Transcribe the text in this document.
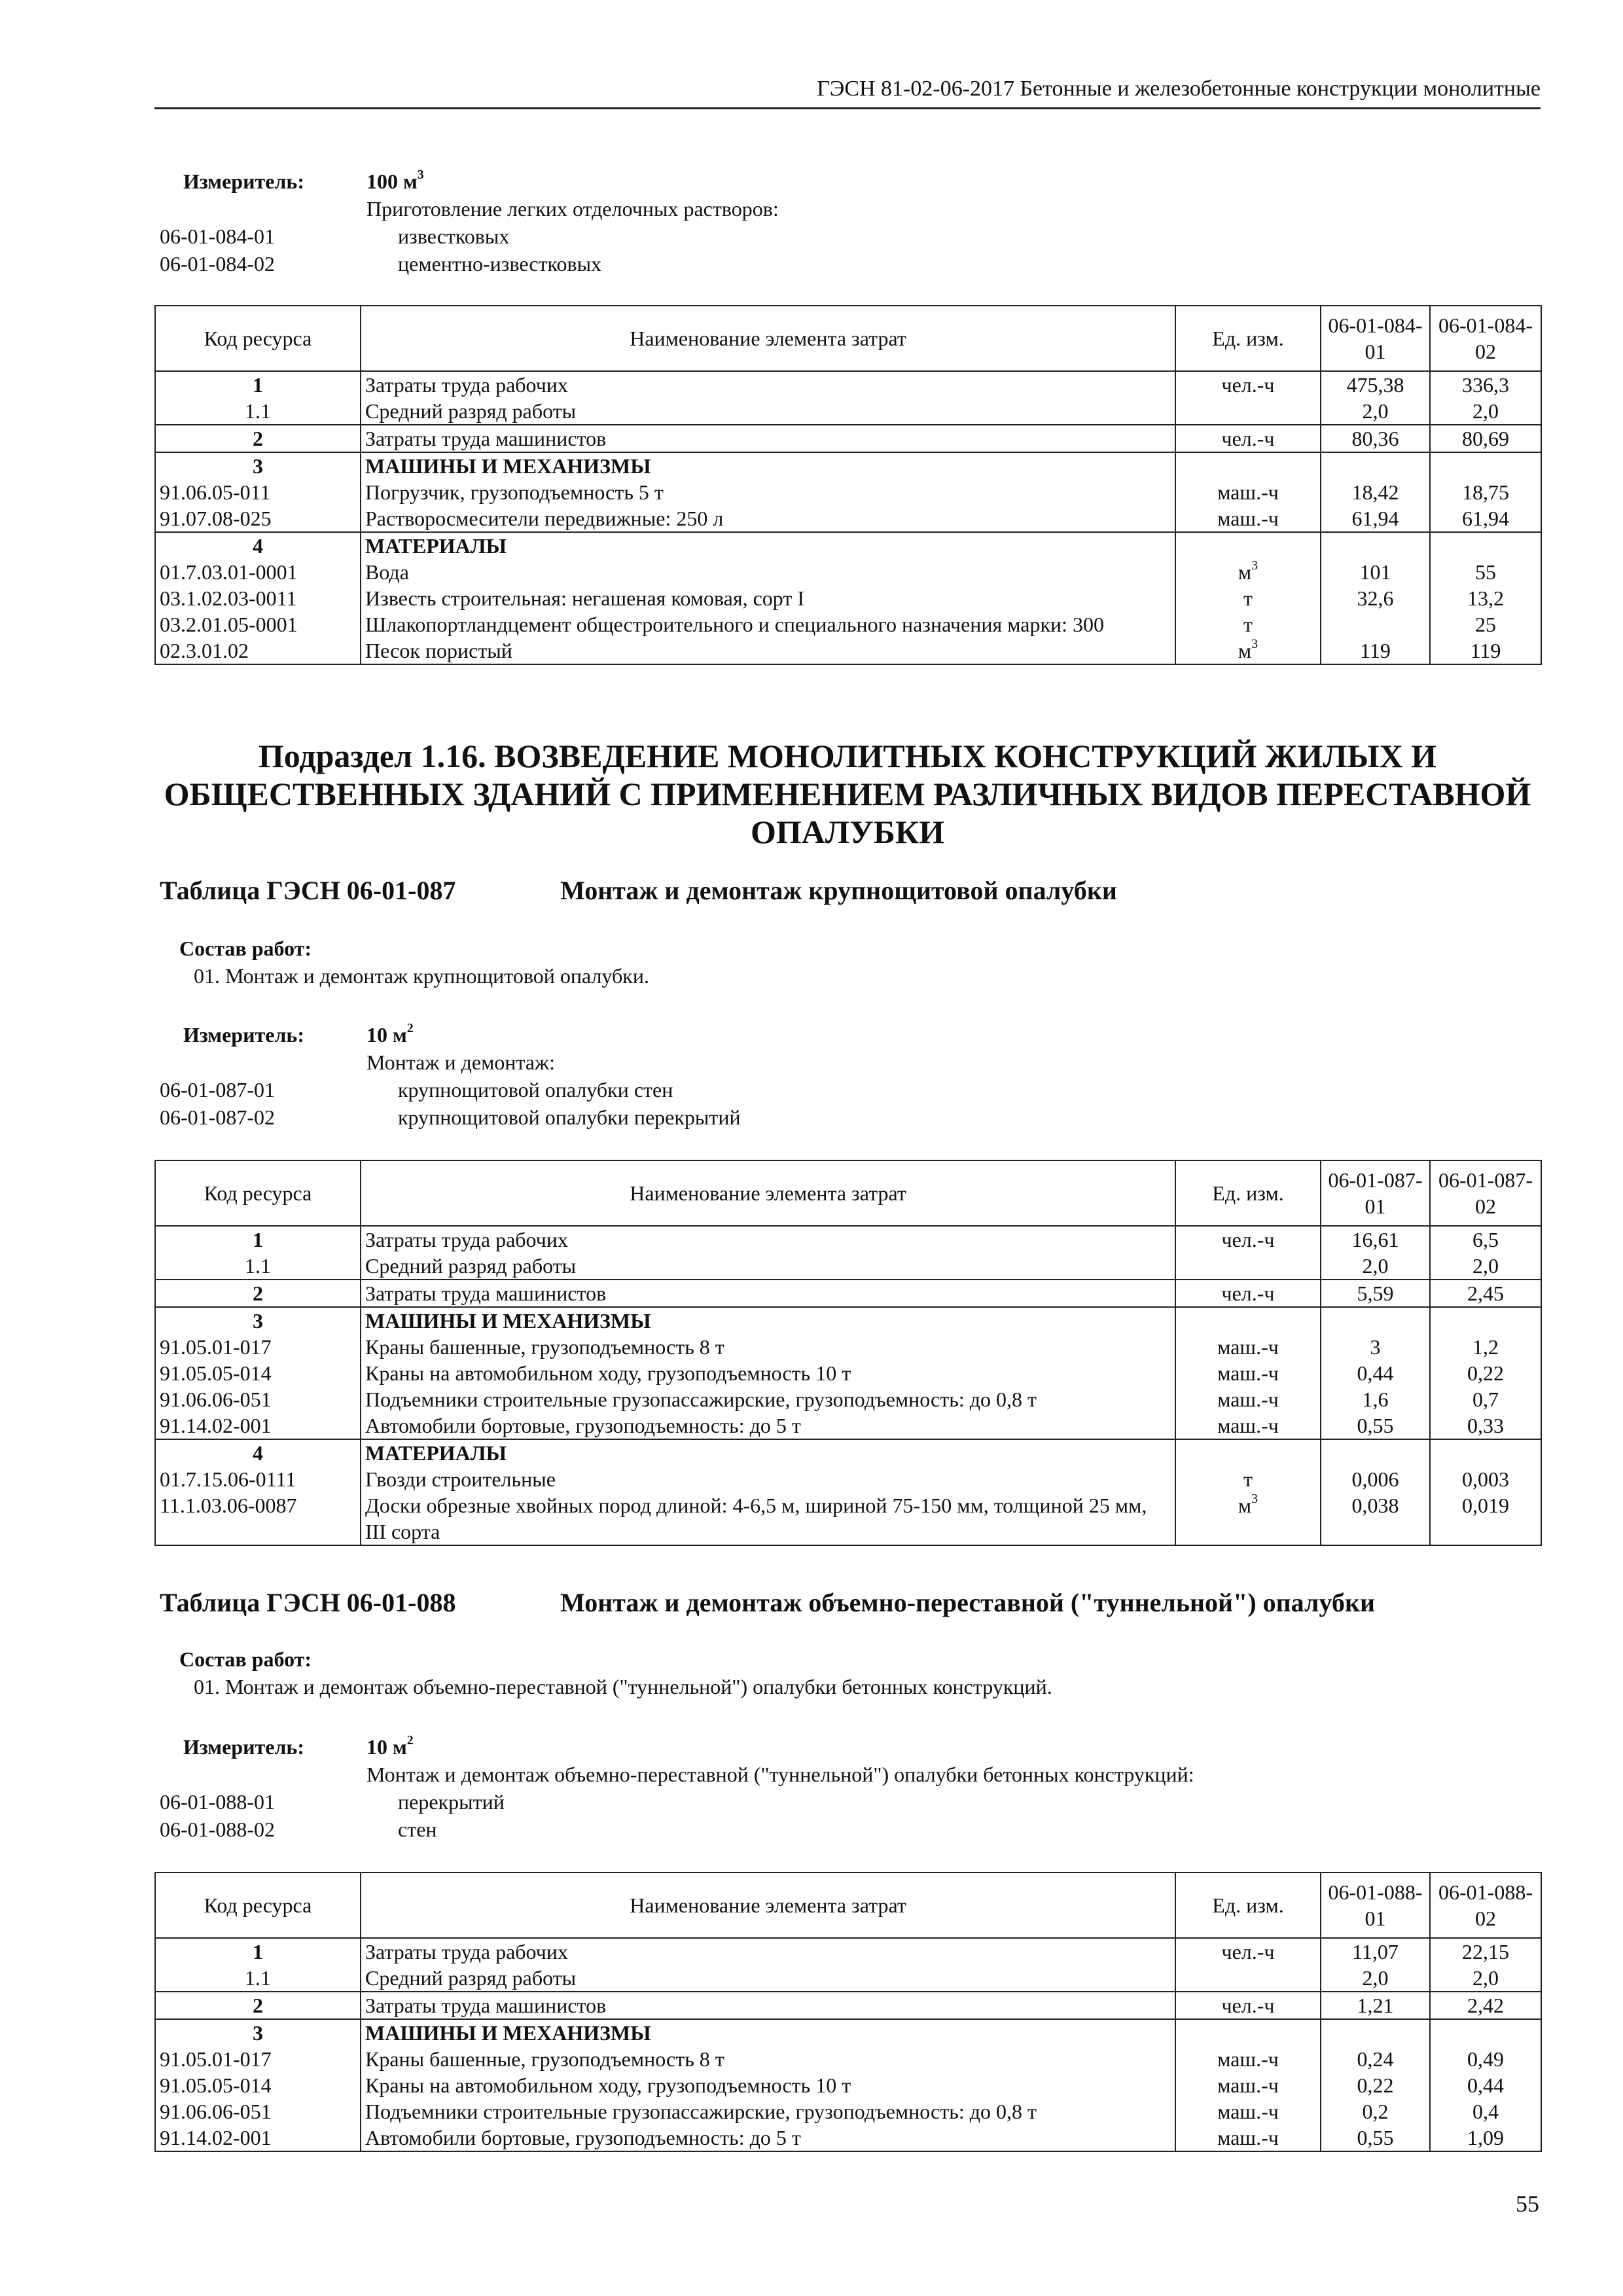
ГЭСН 81-02-06-2017 Бетонные и железобетонные конструкции монолитные
Измеритель:	100 $м^3$
Приготовление легких отделочных растворов:
06-01-084-01	известковых
06-01-084-02	цементно-известковых
Код ресурса	Наименование элемента затрат	Ед. изм.	06-01-084-01	06-01-084-02
1	Затраты труда рабочих	чел.-ч	475,38	336,3
1.1	Средний разряд работы		2,0	2,0
2	Затраты труда машинистов	чел.-ч	80,36	80,69
3	МАШИНЫ И МЕХАНИЗМЫ			
91.06.05-011	Погрузчик, грузоподъемность 5 т	маш.-ч	18,42	18,75
91.07.08-025	Растворосмесители передвижные: 250 л	маш.-ч	61,94	61,94
4	МАТЕРИАЛЫ			
01.7.03.01-0001	Вода	$м^3$	101	55
03.1.02.03-0011	Известь строительная: негашеная комовая, сорт I	т	32,6	13,2
03.2.01.05-0001	Шлакопортландцемент общестроительного и специального назначения марки: 300	т		25
02.3.01.02	Песок пористый	$м^3$	119	119
Подраздел 1.16. ВОЗВЕДЕНИЕ МОНОЛИТНЫХ КОНСТРУКЦИЙ ЖИЛЫХ И ОБЩЕСТВЕННЫХ ЗДАНИЙ С ПРИМЕНЕНИЕМ РАЗЛИЧНЫХ ВИДОВ ПЕРЕСТАВНОЙ ОПАЛУБКИ
Таблица ГЭСН 06-01-087	Монтаж и демонтаж крупнощитовой опалубки
Состав работ:
01. Монтаж и демонтаж крупнощитовой опалубки.
Измеритель:	10 $м^2$
Монтаж и демонтаж:
06-01-087-01	крупнощитовой опалубки стен
06-01-087-02	крупнощитовой опалубки перекрытий
Код ресурса	Наименование элемента затрат	Ед. изм.	06-01-087-01	06-01-087-02
1	Затраты труда рабочих	чел.-ч	16,61	6,5
1.1	Средний разряд работы		2,0	2,0
2	Затраты труда машинистов	чел.-ч	5,59	2,45
3	МАШИНЫ И МЕХАНИЗМЫ			
91.05.01-017	Краны башенные, грузоподъемность 8 т	маш.-ч	3	1,2
91.05.05-014	Краны на автомобильном ходу, грузоподъемность 10 т	маш.-ч	0,44	0,22
91.06.06-051	Подъемники строительные грузопассажирские, грузоподъемность: до 0,8 т	маш.-ч	1,6	0,7
91.14.02-001	Автомобили бортовые, грузоподъемность: до 5 т	маш.-ч	0,55	0,33
4	МАТЕРИАЛЫ			
01.7.15.06-0111	Гвозди строительные	т	0,006	0,003
11.1.03.06-0087	Доски обрезные хвойных пород длиной: 4-6,5 м, шириной 75-150 мм, толщиной 25 мм, III сорта	$м^3$	0,038	0,019
Таблица ГЭСН 06-01-088	Монтаж и демонтаж объемно-переставной ("туннельной") опалубки
Состав работ:
01. Монтаж и демонтаж объемно-переставной ("туннельной") опалубки бетонных конструкций.
Измеритель:	10 $м^2$
Монтаж и демонтаж объемно-переставной ("туннельной") опалубки бетонных конструкций:
06-01-088-01	перекрытий
06-01-088-02	стен
Код ресурса	Наименование элемента затрат	Ед. изм.	06-01-088-01	06-01-088-02
1	Затраты труда рабочих	чел.-ч	11,07	22,15
1.1	Средний разряд работы		2,0	2,0
2	Затраты труда машинистов	чел.-ч	1,21	2,42
3	МАШИНЫ И МЕХАНИЗМЫ			
91.05.01-017	Краны башенные, грузоподъемность 8 т	маш.-ч	0,24	0,49
91.05.05-014	Краны на автомобильном ходу, грузоподъемность 10 т	маш.-ч	0,22	0,44
91.06.06-051	Подъемники строительные грузопассажирские, грузоподъемность: до 0,8 т	маш.-ч	0,2	0,4
91.14.02-001	Автомобили бортовые, грузоподъемность: до 5 т	маш.-ч	0,55	1,09
55
